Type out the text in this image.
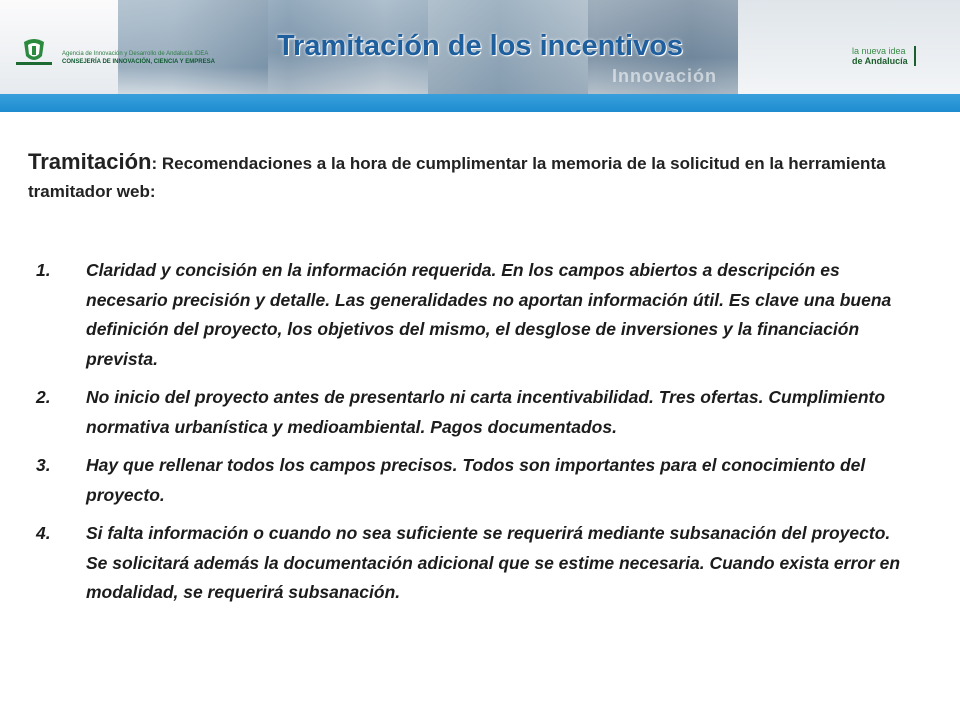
Agencia de Innovación y Desarrollo de Andalucía IDEA
CONSEJERÍA DE INNOVACIÓN, CIENCIA Y EMPRESA
Innovación
Tramitación de los incentivos	la nueva idea
de Andalucía
Tramitación: Recomendaciones a la hora de cumplimentar la memoria de la solicitud en la herramienta tramitador web:
1. Claridad y concisión en la información requerida. En los campos abiertos a descripción es necesario precisión y detalle. Las generalidades no aportan información útil. Es clave una buena definición del proyecto, los objetivos del mismo, el desglose de inversiones y la financiación prevista.
2. No inicio del proyecto antes de presentarlo ni carta incentivabilidad. Tres ofertas. Cumplimiento normativa urbanística y medioambiental. Pagos documentados.
3. Hay que rellenar todos los campos precisos. Todos son importantes para el conocimiento del proyecto.
4. Si falta información o cuando no sea suficiente se requerirá mediante subsanación del proyecto. Se solicitará además la documentación adicional que se estime necesaria. Cuando exista error en modalidad, se requerirá subsanación.
